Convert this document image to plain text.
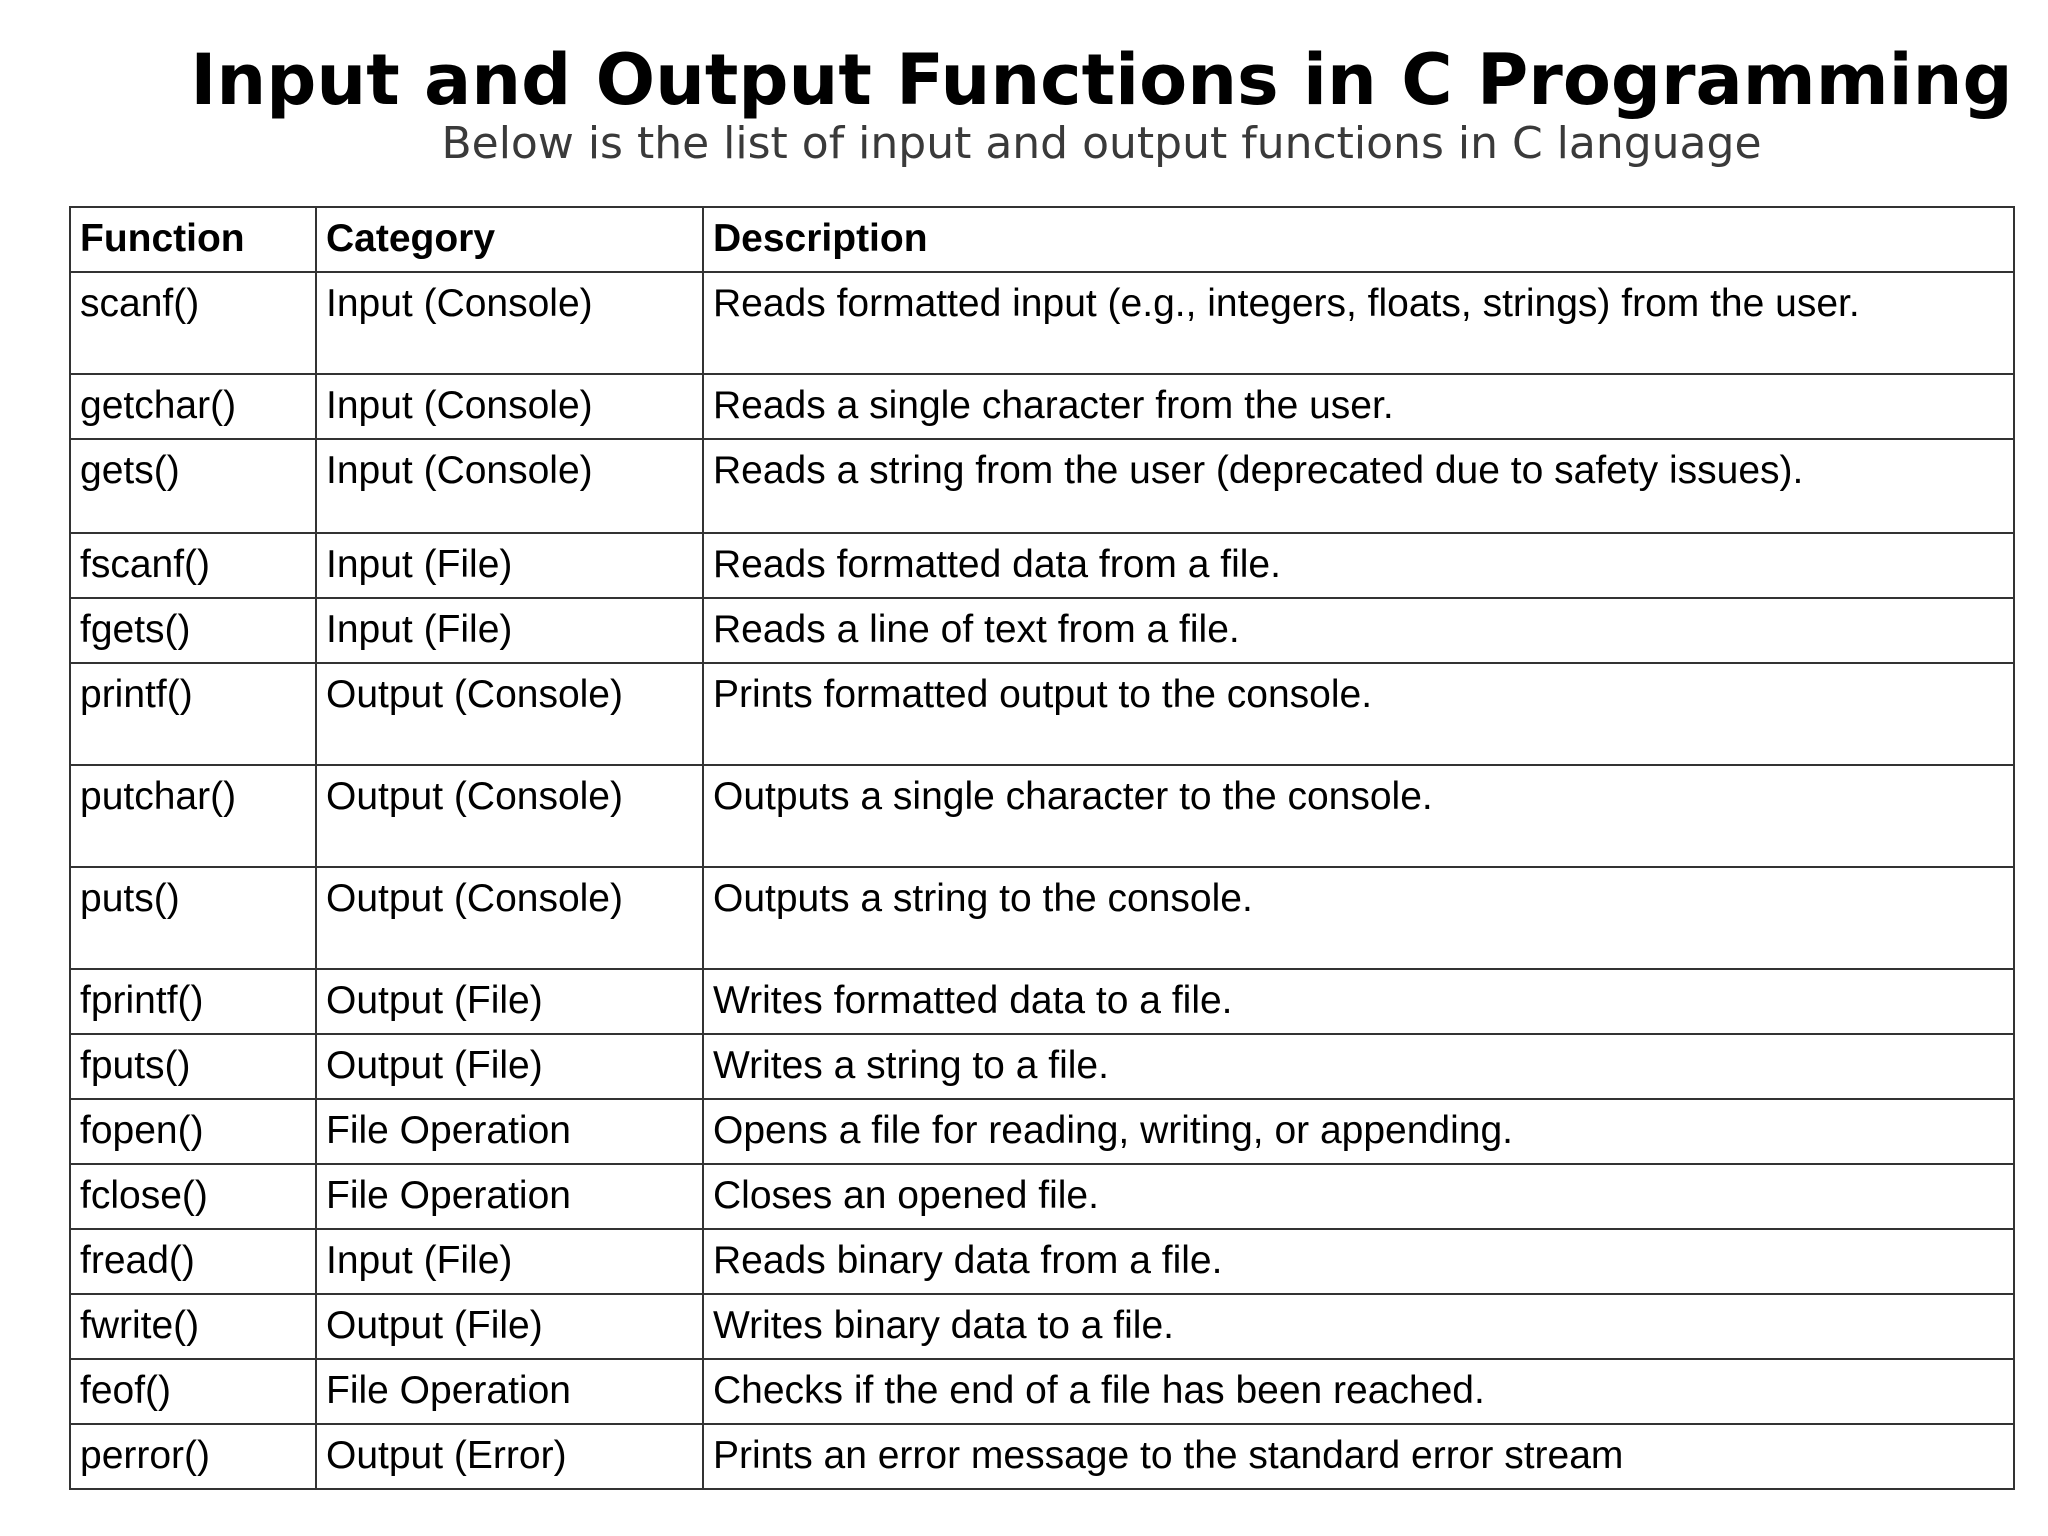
Input and Output Functions in C Programming
Below is the list of input and output functions in C language
Function	Category	Description
scanf()	Input (Console)	Reads formatted input (e.g., integers, floats, strings) from the user.
getchar()	Input (Console)	Reads a single character from the user.
gets()	Input (Console)	Reads a string from the user (deprecated due to safety issues).
fscanf()	Input (File)	Reads formatted data from a file.
fgets()	Input (File)	Reads a line of text from a file.
printf()	Output (Console)	Prints formatted output to the console.
putchar()	Output (Console)	Outputs a single character to the console.
puts()	Output (Console)	Outputs a string to the console.
fprintf()	Output (File)	Writes formatted data to a file.
fputs()	Output (File)	Writes a string to a file.
fopen()	File Operation	Opens a file for reading, writing, or appending.
fclose()	File Operation	Closes an opened file.
fread()	Input (File)	Reads binary data from a file.
fwrite()	Output (File)	Writes binary data to a file.
feof()	File Operation	Checks if the end of a file has been reached.
perror()	Output (Error)	Prints an error message to the standard error stream
